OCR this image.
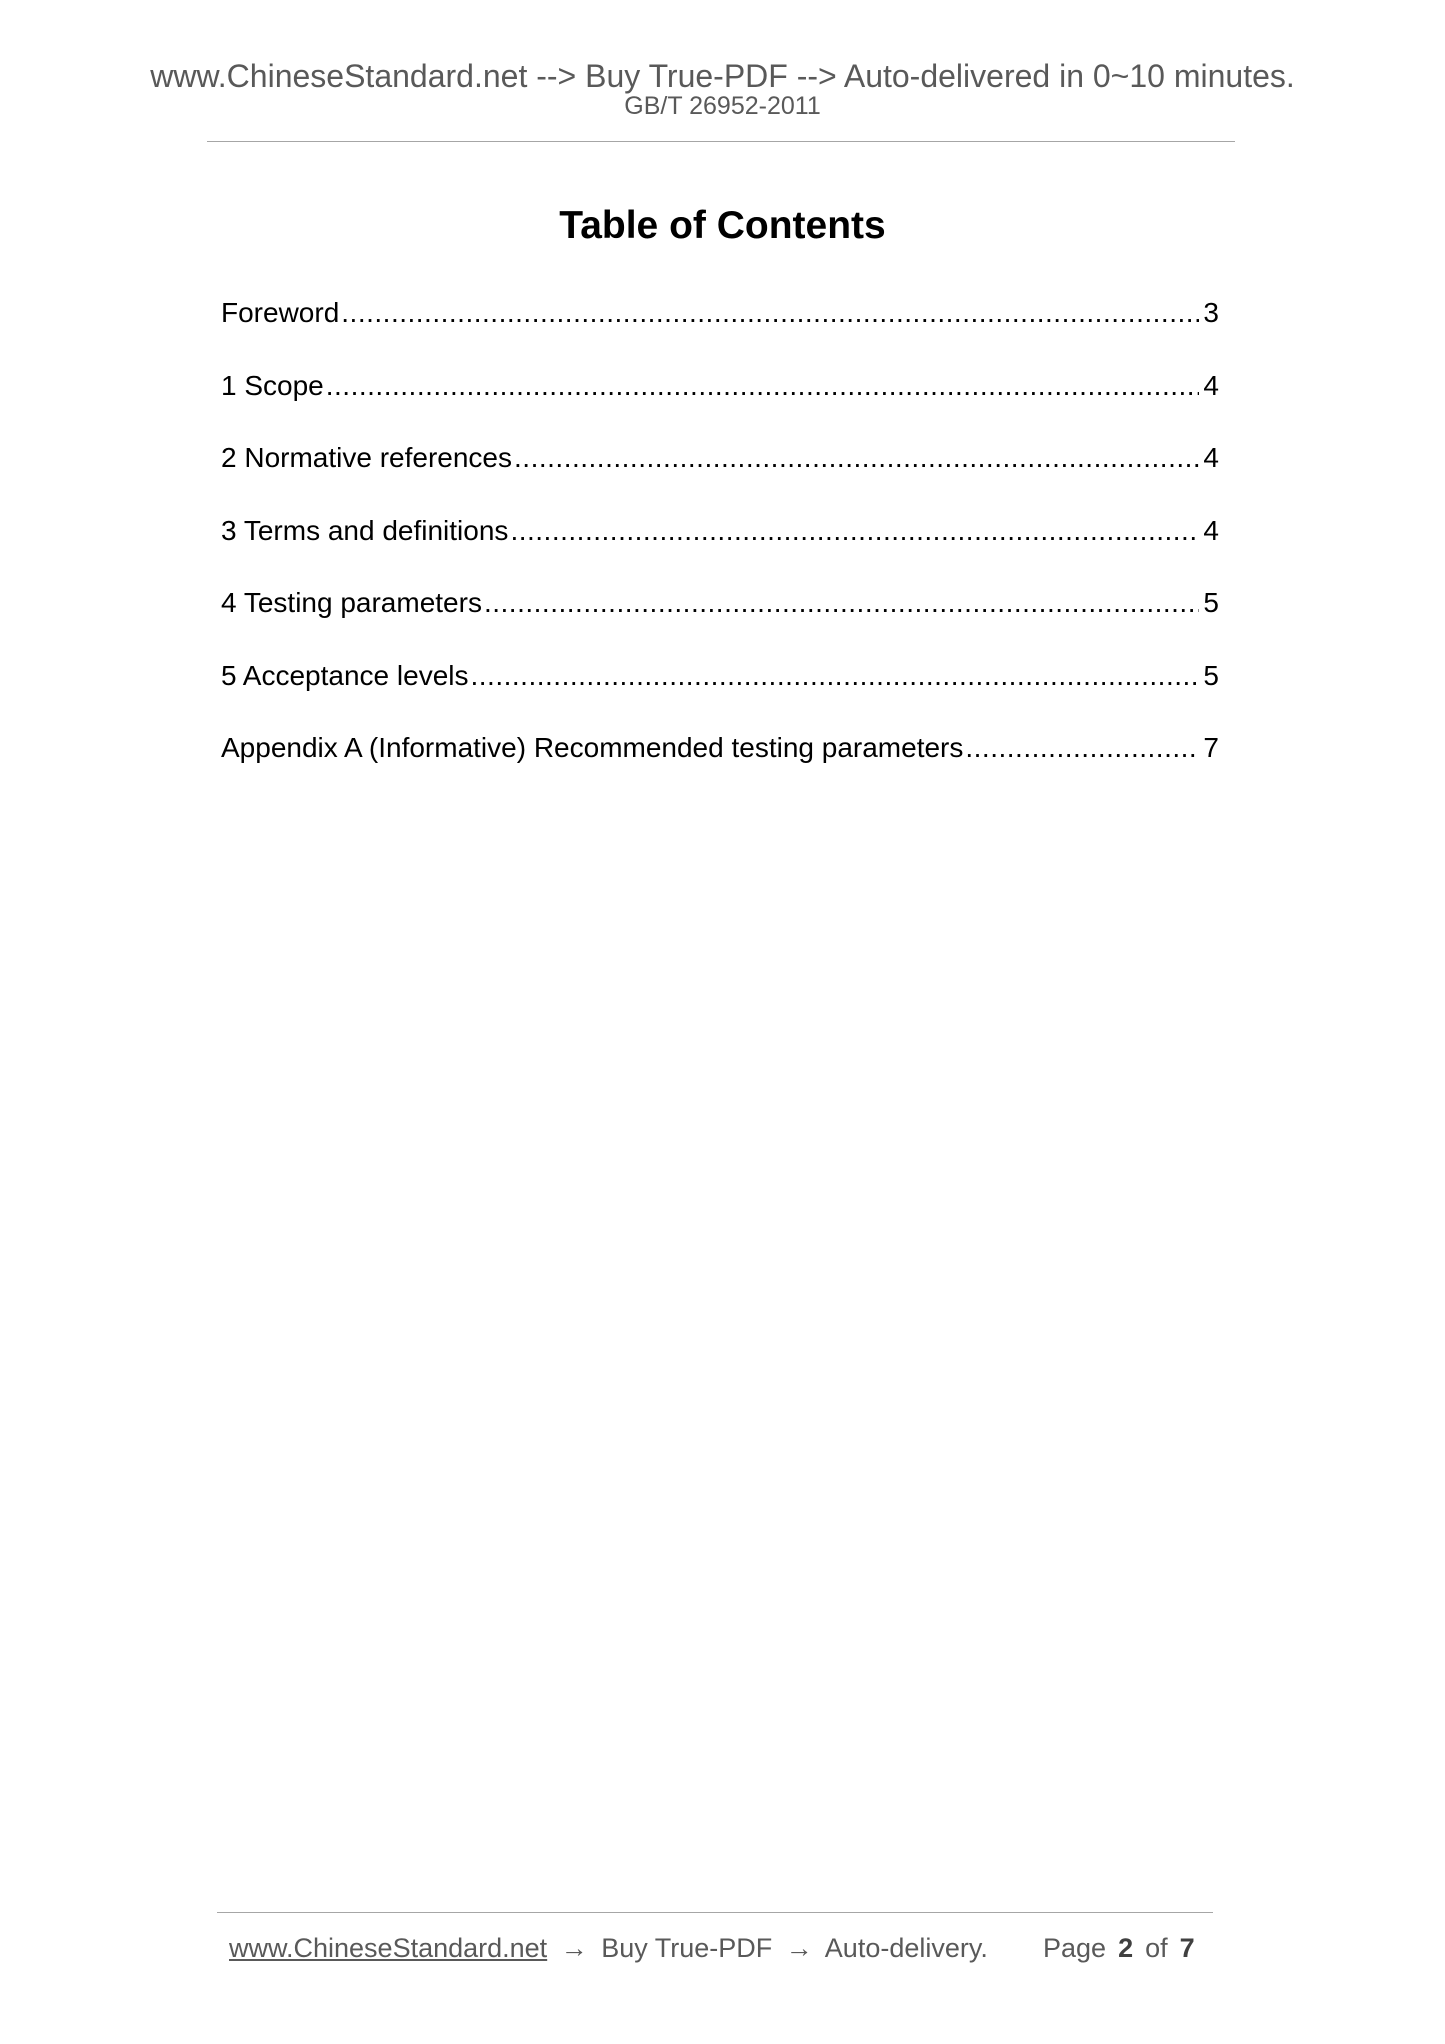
www.ChineseStandard.net --> Buy True-PDF --> Auto-delivered in 0~10 minutes.
GB/T 26952-2011
Table of Contents
Foreword .....	3
1 Scope .....	4
2 Normative references .....	4
3 Terms and definitions .....	4
4 Testing parameters .....	5
5 Acceptance levels .....	5
Appendix A (Informative) Recommended testing parameters .....	7
www.ChineseStandard.net → Buy True-PDF → Auto-delivery. Page 2 of 7
